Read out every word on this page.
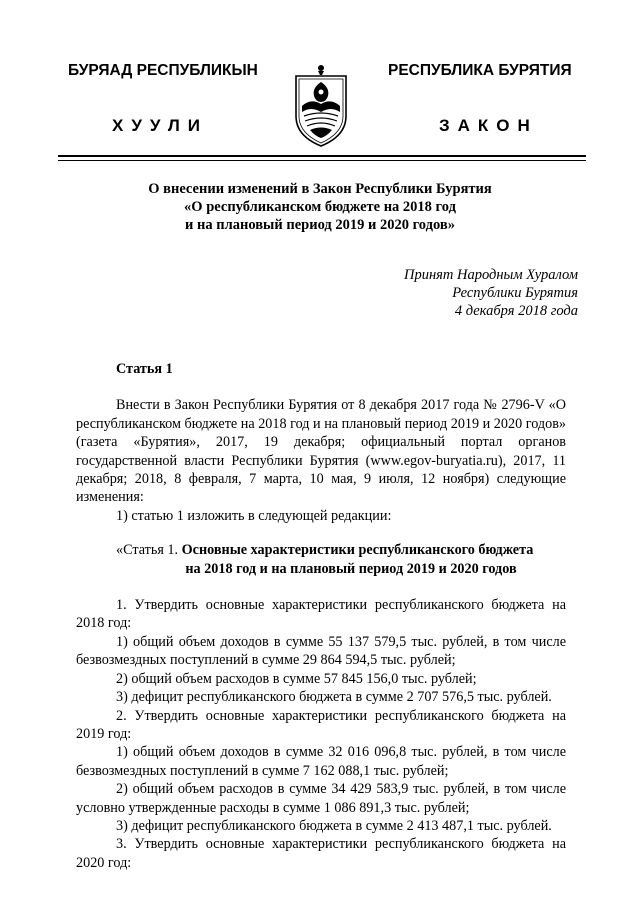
БУРЯАД РЕСПУБЛИКЫН
ХУУЛИ
РЕСПУБЛИКА БУРЯТИЯ
ЗАКОН
О внесении изменений в Закон Республики Бурятия
«О республиканском бюджете на 2018 год
и на плановый период 2019 и 2020 годов»
Принят Народным Хуралом
Республики Бурятия
4 декабря 2018 года

Статья 1

Внести в Закон Республики Бурятия от 8 декабря 2017 года № 2796-V «О республиканском бюджете на 2018 год и на плановый период 2019 и 2020 годов» (газета «Бурятия», 2017, 19 декабря; официальный портал органов государственной власти Республики Бурятия (www.egov-buryatia.ru), 2017, 11 декабря; 2018, 8 февраля, 7 марта, 10 мая, 9 июля, 12 ноября) следующие изменения:

1) статью 1 изложить в следующей редакции:

«Статья 1. Основные характеристики республиканского бюджета

на 2018 год и на плановый период 2019 и 2020 годов

1. Утвердить основные характеристики республиканского бюджета на 2018 год:

1) общий объем доходов в сумме 55 137 579,5 тыс. рублей, в том числе безвозмездных поступлений в сумме 29 864 594,5 тыс. рублей;

2) общий объем расходов в сумме 57 845 156,0 тыс. рублей;

3) дефицит республиканского бюджета в сумме 2 707 576,5 тыс. рублей.

2. Утвердить основные характеристики республиканского бюджета на 2019 год:

1) общий объем доходов в сумме 32 016 096,8 тыс. рублей, в том числе безвозмездных поступлений в сумме 7 162 088,1 тыс. рублей;

2) общий объем расходов в сумме 34 429 583,9 тыс. рублей, в том числе условно утвержденные расходы в сумме 1 086 891,3 тыс. рублей;

3) дефицит республиканского бюджета в сумме 2 413 487,1 тыс. рублей.

3. Утвердить основные характеристики республиканского бюджета на 2020 год:
